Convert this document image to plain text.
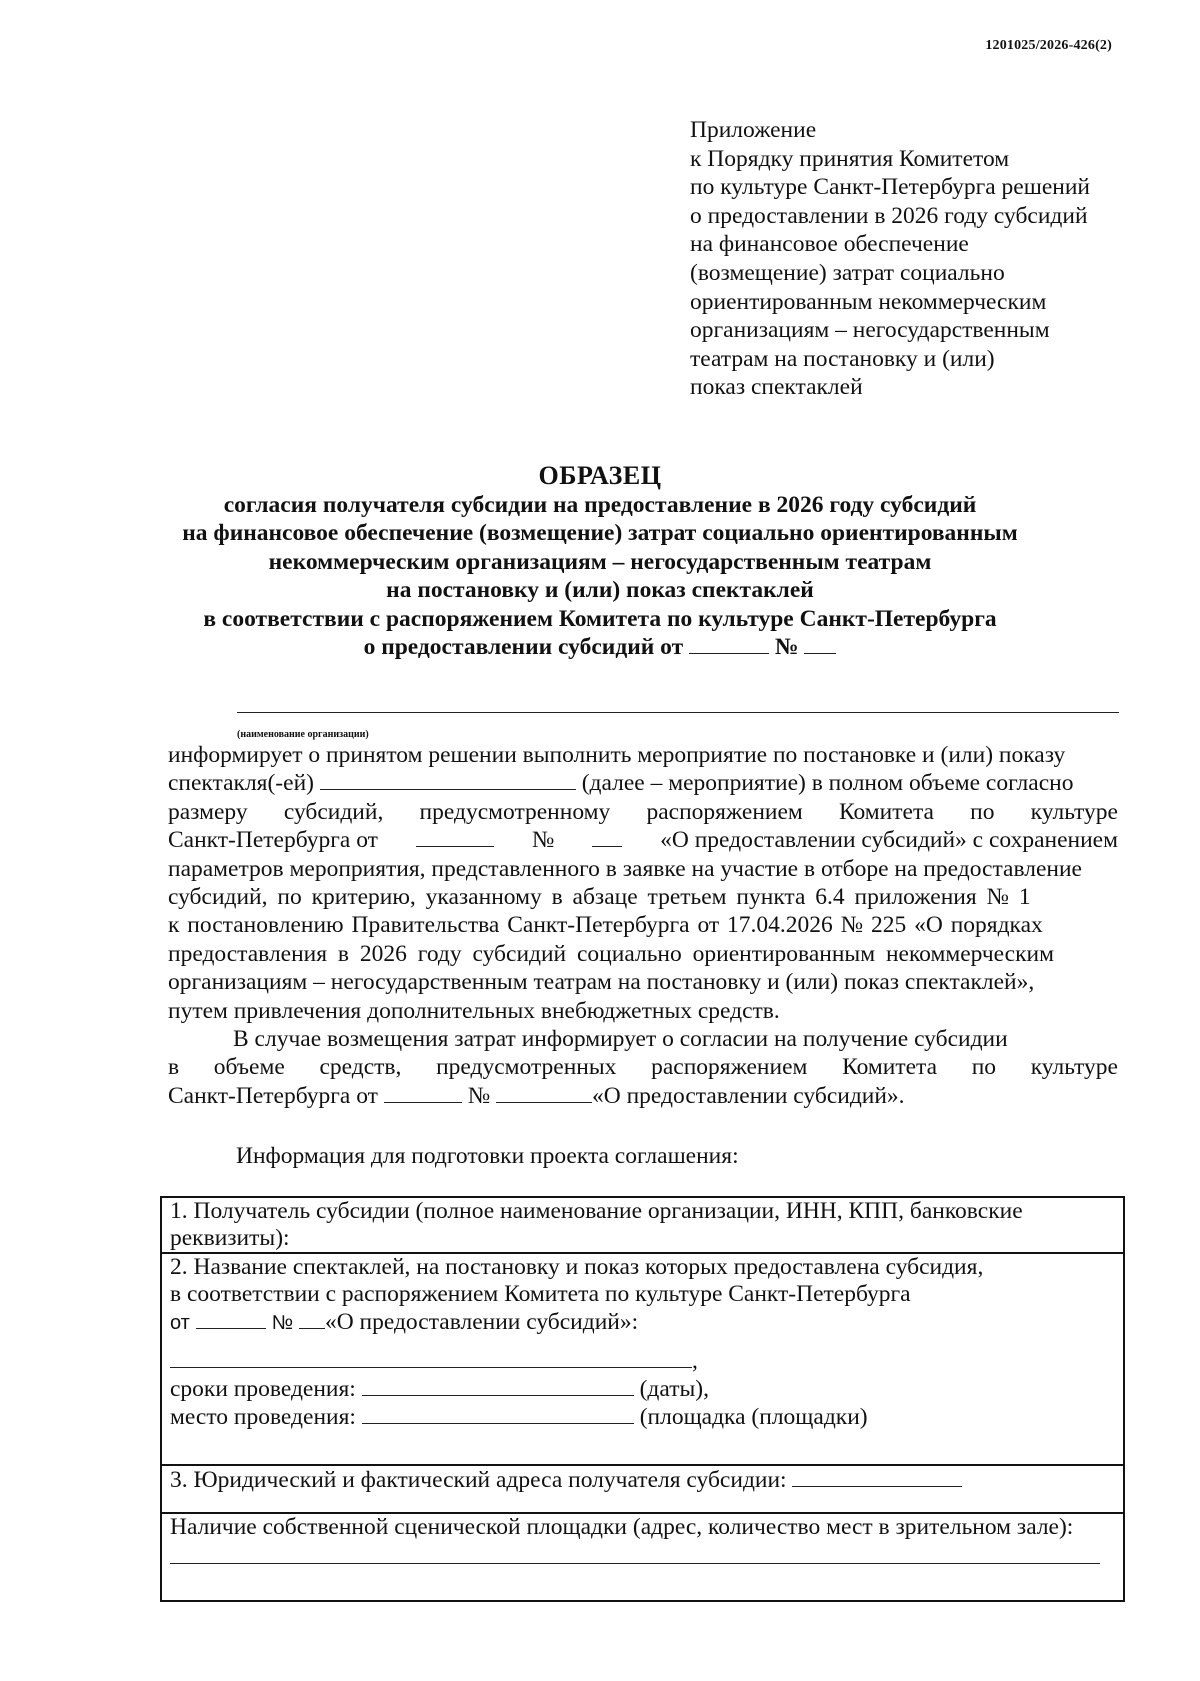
1201025/2026-426(2)
Приложение
к Порядку принятия Комитетом
по культуре Санкт-Петербурга решений
о предоставлении в 2026 году субсидий
на финансовое обеспечение
(возмещение) затрат социально
ориентированным некоммерческим
организациям – негосударственным
театрам на постановку и (или)
показ спектаклей
ОБРАЗЕЦ
согласия получателя субсидии на предоставление в 2026 году субсидий
на финансовое обеспечение (возмещение) затрат социально ориентированным
некоммерческим организациям – негосударственным театрам
на постановку и (или) показ спектаклей
в соответствии с распоряжением Комитета по культуре Санкт-Петербурга
о предоставлении субсидий от	№
(наименование организации)
информирует о принятом решении выполнить мероприятие по постановке и (или) показу
спектакля(-ей)	(далее – мероприятие) в полном объеме согласно
размеру субсидий, предусмотренному распоряжением Комитета по культуре
Санкт-Петербурга от	№	«О предоставлении субсидий» с сохранением
параметров мероприятия, представленного в заявке на участие в отборе на предоставление
субсидий, по критерию, указанному в абзаце третьем пункта 6.4 приложения № 1
к постановлению Правительства Санкт-Петербурга от 17.04.2026 № 225 «О порядках
предоставления в 2026 году субсидий социально ориентированным некоммерческим
организациям – негосударственным театрам на постановку и (или) показ спектаклей»,
путем привлечения дополнительных внебюджетных средств.
В случае возмещения затрат информирует о согласии на получение субсидии
в объеме средств, предусмотренных распоряжением Комитета по культуре
Санкт-Петербурга от	№	«О предоставлении субсидий».
Информация для подготовки проекта соглашения:
1. Получатель субсидии (полное наименование организации, ИНН, КПП, банковские
реквизиты):

2. Название спектаклей, на постановку и показ которых предоставлена субсидия,
в соответствии с распоряжением Комитета по культуре Санкт-Петербурга
от	№ «О предоставлении субсидий»:
,
сроки проведения:	(даты),
место проведения:	(площадка (площадки)

3. Юридический и фактический адреса получателя субсидии:

Наличие собственной сценической площадки (адрес, количество мест в зрительном зале):
